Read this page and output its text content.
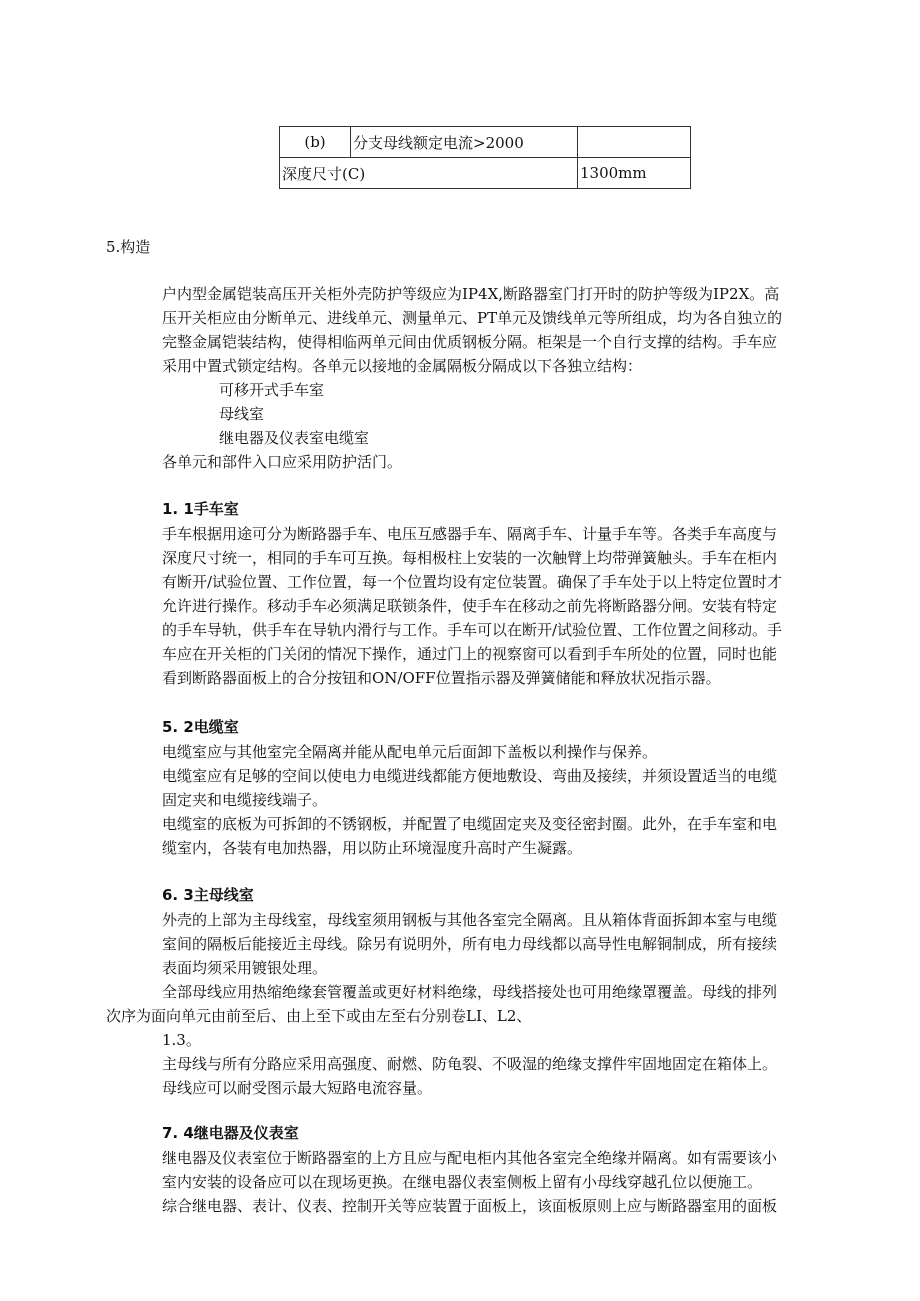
(b)	分支母线额定电流>2000	
深度尺寸(C)		1300mm

5.构造

户内型金属铠装高压开关柜外壳防护等级应为IP4X,断路器室门打开时的防护等级为IP2X。高
压开关柜应由分断单元、进线单元、测量单元、PT单元及馈线单元等所组成，均为各自独立的
完整金属铠装结构，使得相临两单元间由优质钢板分隔。柜架是一个自行支撑的结构。手车应
采用中置式锁定结构。各单元以接地的金属隔板分隔成以下各独立结构：

可移开式手车室

母线室

继电器及仪表室电缆室

各单元和部件入口应采用防护活门。

1. 1手车室

手车根据用途可分为断路器手车、电压互感器手车、隔离手车、计量手车等。各类手车高度与
深度尺寸统一，相同的手车可互换。每相极柱上安装的一次触臂上均带弹簧触头。手车在柜内
有断开/试验位置、工作位置，每一个位置均设有定位装置。确保了手车处于以上特定位置时才
允许进行操作。移动手车必须满足联锁条件，使手车在移动之前先将断路器分闸。安装有特定
的手车导轨，供手车在导轨内滑行与工作。手车可以在断开/试验位置、工作位置之间移动。手
车应在开关柜的门关闭的情况下操作，通过门上的视察窗可以看到手车所处的位置，同时也能
看到断路器面板上的合分按钮和ON/OFF位置指示器及弹簧储能和释放状况指示器。

5. 2电缆室

电缆室应与其他室完全隔离并能从配电单元后面卸下盖板以利操作与保养。
电缆室应有足够的空间以使电力电缆进线都能方便地敷设、弯曲及接续，并须设置适当的电缆
固定夹和电缆接线端子。
电缆室的底板为可拆卸的不锈钢板，并配置了电缆固定夹及变径密封圈。此外，在手车室和电
缆室内，各装有电加热器，用以防止环境湿度升高时产生凝露。

6. 3主母线室

外壳的上部为主母线室，母线室须用钢板与其他各室完全隔离。且从箱体背面拆卸本室与电缆
室间的隔板后能接近主母线。除另有说明外，所有电力母线都以高导性电解铜制成，所有接续
表面均须采用镀银处理。
全部母线应用热缩绝缘套管覆盖或更好材料绝缘，母线搭接处也可用绝缘罩覆盖。母线的排列

次序为面向单元由前至后、由上至下或由左至右分别卷LI、L2、

1.3。

主母线与所有分路应采用高强度、耐燃、防龟裂、不吸湿的绝缘支撑件牢固地固定在箱体上。
母线应可以耐受图示最大短路电流容量。

7. 4继电器及仪表室

继电器及仪表室位于断路器室的上方且应与配电柜内其他各室完全绝缘并隔离。如有需要该小
室内安装的设备应可以在现场更换。在继电器仪表室侧板上留有小母线穿越孔位以便施工。
综合继电器、表计、仪表、控制开关等应装置于面板上，该面板原则上应与断路器室用的面板
